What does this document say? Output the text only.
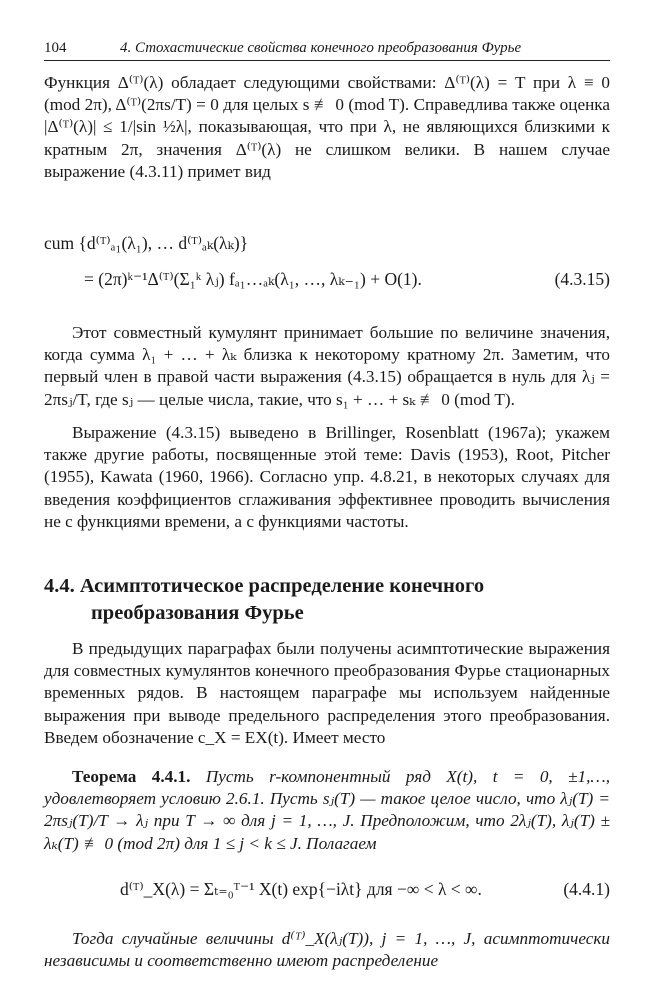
104	4. Стохастические свойства конечного преобразования Фурье

Функция Δ⁽ᵀ⁾(λ) обладает следующими свойствами: Δ⁽ᵀ⁾(λ) = T при λ ≡ 0 (mod 2π), Δ⁽ᵀ⁾(2πs/T) = 0 для целых s ≢ 0 (mod T). Справедлива также оценка |Δ⁽ᵀ⁾(λ)| ≤ 1/|sin ½λ|, показывающая, что при λ, не являющихся близкими к кратным 2π, значения Δ⁽ᵀ⁾(λ) не слишком велики. В нашем случае выражение (4.3.11) примет вид

cum {d⁽ᵀ⁾ₐ₁(λ₁), … d⁽ᵀ⁾ₐₖ(λₖ)}
= (2π)ᵏ⁻¹Δ⁽ᵀ⁾(Σ₁ᵏ λⱼ) fₐ₁…ₐₖ(λ₁, …, λₖ₋₁) + O(1).	(4.3.15)

Этот совместный кумулянт принимает большие по величине значения, когда сумма λ₁ + … + λₖ близка к некоторому кратному 2π. Заметим, что первый член в правой части выражения (4.3.15) обращается в нуль для λⱼ = 2πsⱼ/T, где sⱼ — целые числа, такие, что s₁ + … + sₖ ≢ 0 (mod T).

Выражение (4.3.15) выведено в Brillinger, Rosenblatt (1967a); укажем также другие работы, посвященные этой теме: Davis (1953), Root, Pitcher (1955), Kawata (1960, 1966). Согласно упр. 4.8.21, в некоторых случаях для введения коэффициентов сглаживания эффективнее проводить вычисления не с функциями времени, а с функциями частоты.

4.4. Асимптотическое распределение конечного
преобразования Фурье

В предыдущих параграфах были получены асимптотические выражения для совместных кумулянтов конечного преобразования Фурье стационарных временных рядов. В настоящем параграфе мы используем найденные выражения при выводе предельного распределения этого преобразования. Введем обозначение c_X = EX(t). Имеет место

Теорема 4.4.1. Пусть r-компонентный ряд X(t), t = 0, ±1,…, удовлетворяет условию 2.6.1. Пусть sⱼ(T) — такое целое число, что λⱼ(T) = 2πsⱼ(T)/T → λⱼ при T → ∞ для j = 1, …, J. Предположим, что 2λⱼ(T), λⱼ(T) ± λₖ(T) ≢ 0 (mod 2π) для 1 ≤ j < k ≤ J. Полагаем

d⁽ᵀ⁾_X(λ) = Σₜ₌₀ᵀ⁻¹ X(t) exp{−iλt} для −∞ < λ < ∞.	(4.4.1)

Тогда случайные величины d⁽ᵀ⁾_X(λⱼ(T)), j = 1, …, J, асимптотически независимы и соответственно имеют распределение
